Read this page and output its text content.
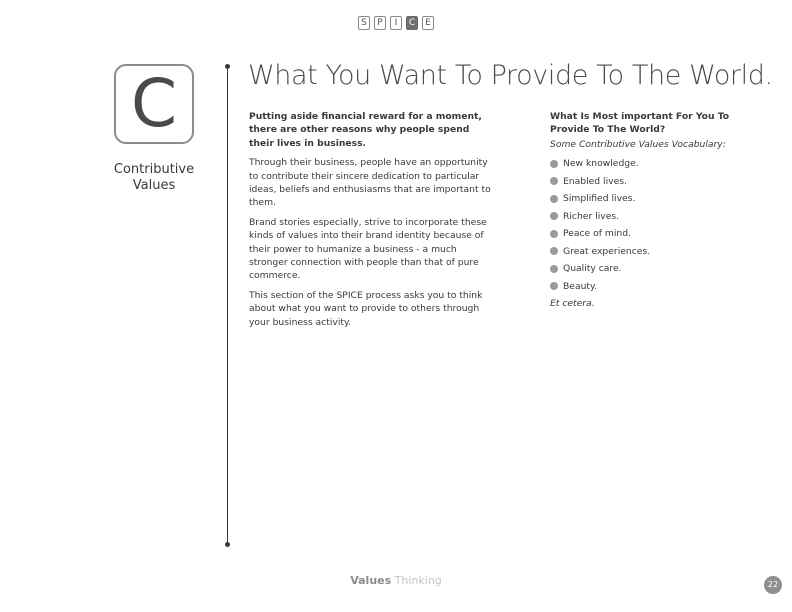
S	P	I	C	E
C
Contributive
Values
What You Want To Provide To The World.

Putting aside financial reward for a moment, there are other reasons why people spend their lives in business.

Through their business, people have an opportunity to contribute their sincere dedication to particular ideas, beliefs and enthusiasms that are important to them.

Brand stories especially, strive to incorporate these kinds of values into their brand identity because of their power to humanize a business - a much stronger connection with people than that of pure commerce.

This section of the SPICE process asks you to think about what you want to provide to others through your business activity.

What Is Most important For You To Provide To The World?

Some Contributive Values Vocabulary:

New knowledge.
Enabled lives.
Simplified lives.
Richer lives.
Peace of mind.
Great experiences.
Quality care.
Beauty.

Et cetera.

Values Thinking	22
